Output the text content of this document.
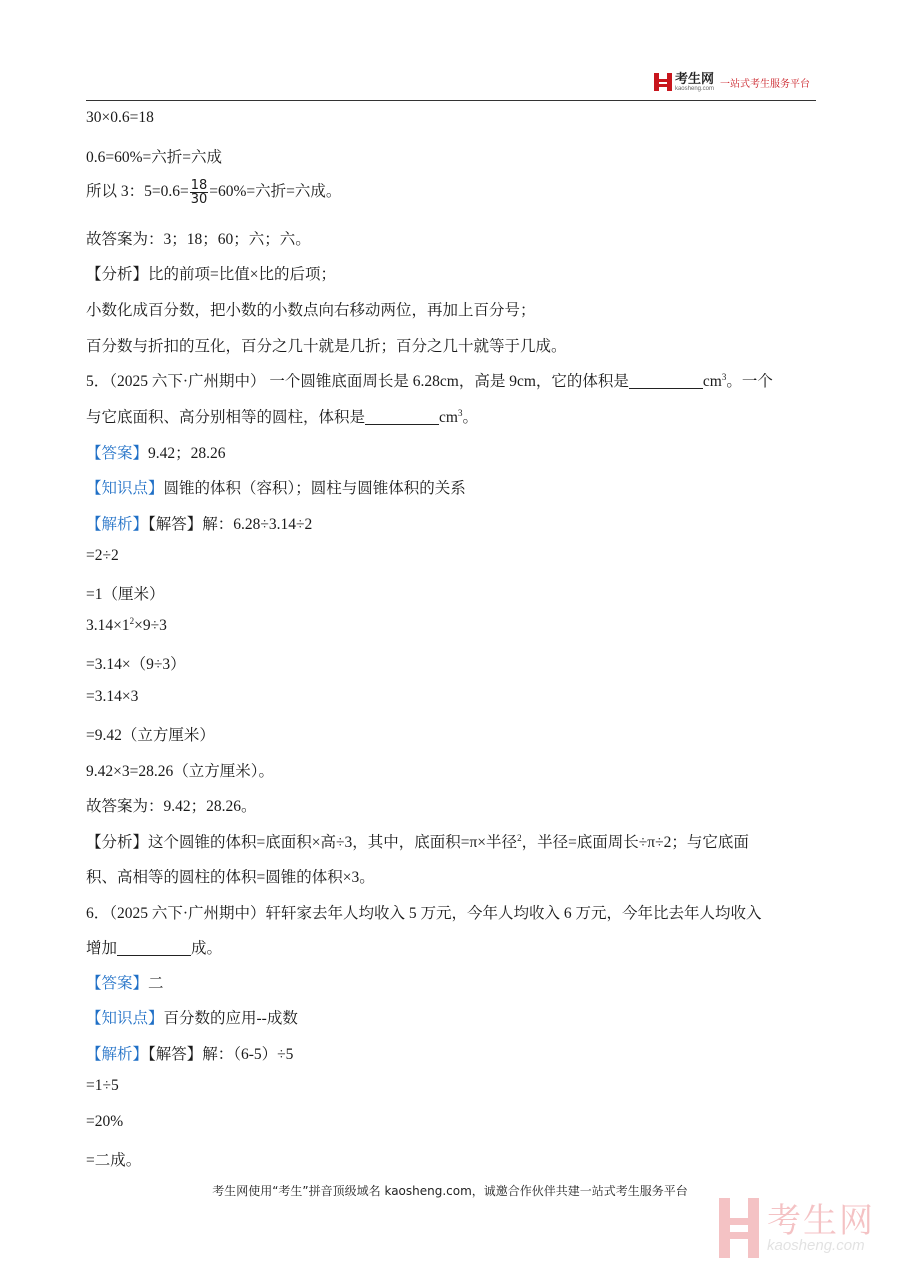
考生网
kaosheng.com 一站式考生服务平台
30×0.6=18
0.6=60%=六折=六成
所以 3：$5=0.6= \frac{18}{30} =60\%=$六折=六成。
故答案为：3；18；60；六；六。
【分析】比的前项=比值×比的后项；
小数化成百分数，把小数的小数点向右移动两位，再加上百分号；
百分数与折扣的互化，百分之几十就是几折；百分之几十就等于几成。
5．（2025 六下·广州期中） 一个圆锥底面周长是 6.28cm，高是 9cm，它的体积是	$cm^3$。一个
与它底面积、高分别相等的圆柱，体积是	$cm^3$。
【答案】9.42；28.26
【知识点】圆锥的体积（容积）；圆柱与圆锥体积的关系
【解析】【解答】解：6.28÷3.14÷2
=2÷2
=1（厘米）
$3.14\times 1^2\times 9\div 3$
=3.14×（9÷3）
=3.14×3
=9.42（立方厘米）
9.42×3=28.26（立方厘米）。
故答案为：9.42；28.26。
【分析】这个圆锥的体积=底面积×高÷3，其中，底面积=π×半径$^2$，半径=底面周长÷π÷2；与它底面
积、高相等的圆柱的体积=圆锥的体积×3。
6．（2025 六下·广州期中）轩轩家去年人均收入 5 万元，今年人均收入 6 万元，今年比去年人均收入
增加	成。
【答案】二
【知识点】百分数的应用--成数
【解析】【解答】解：（6-5）÷5
=1÷5
=20%
=二成。
考生网使用“考生”拼音顶级域名 kaosheng.com，诚邀合作伙伴共建一站式考生服务平台
考生网
kaosheng.com
